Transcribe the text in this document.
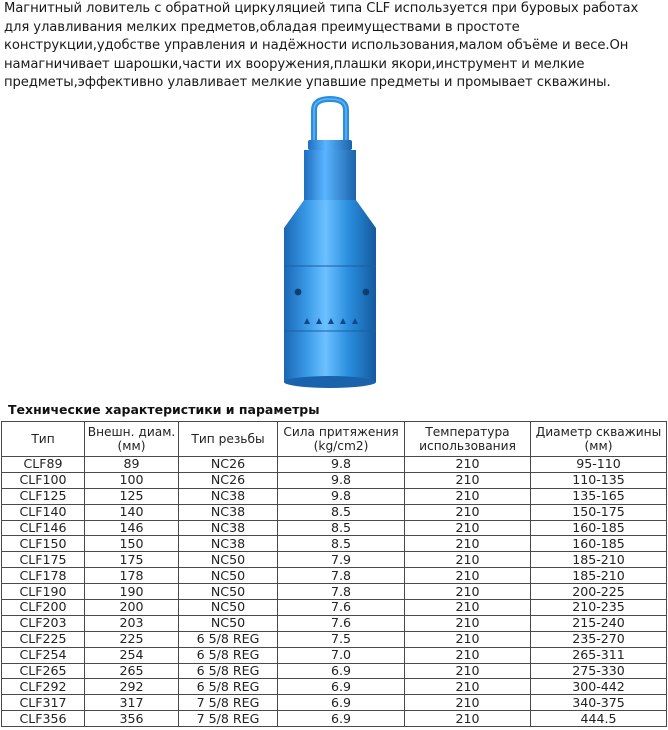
Магнитный ловитель с обратной циркуляцией типа CLF используется при буровых работах для улавливания мелких предметов,обладая преимуществами в простоте конструкции,удобстве управления и надёжности использования,малом объёме и весе.Он намагничивает шарошки,части их вооружения,плашки якори,инструмент и мелкие предметы,эффективно улавливает мелкие упавшие предметы и промывает скважины.

Технические характеристики и параметры

Тип	Внешн. диам. (мм)	Тип резьбы	Сила притяжения (kg/cm2)	Температура использования	Диаметр скважины (мм)
CLF89	89	NC26	9.8	210	95-110
CLF100	100	NC26	9.8	210	110-135
CLF125	125	NC38	9.8	210	135-165
CLF140	140	NC38	8.5	210	150-175
CLF146	146	NC38	8.5	210	160-185
CLF150	150	NC38	8.5	210	160-185
CLF175	175	NC50	7.9	210	185-210
CLF178	178	NC50	7.8	210	185-210
CLF190	190	NC50	7.8	210	200-225
CLF200	200	NC50	7.6	210	210-235
CLF203	203	NC50	7.6	210	215-240
CLF225	225	6 5/8 REG	7.5	210	235-270
CLF254	254	6 5/8 REG	7.0	210	265-311
CLF265	265	6 5/8 REG	6.9	210	275-330
CLF292	292	6 5/8 REG	6.9	210	300-442
CLF317	317	7 5/8 REG	6.9	210	340-375
CLF356	356	7 5/8 REG	6.9	210	444.5
